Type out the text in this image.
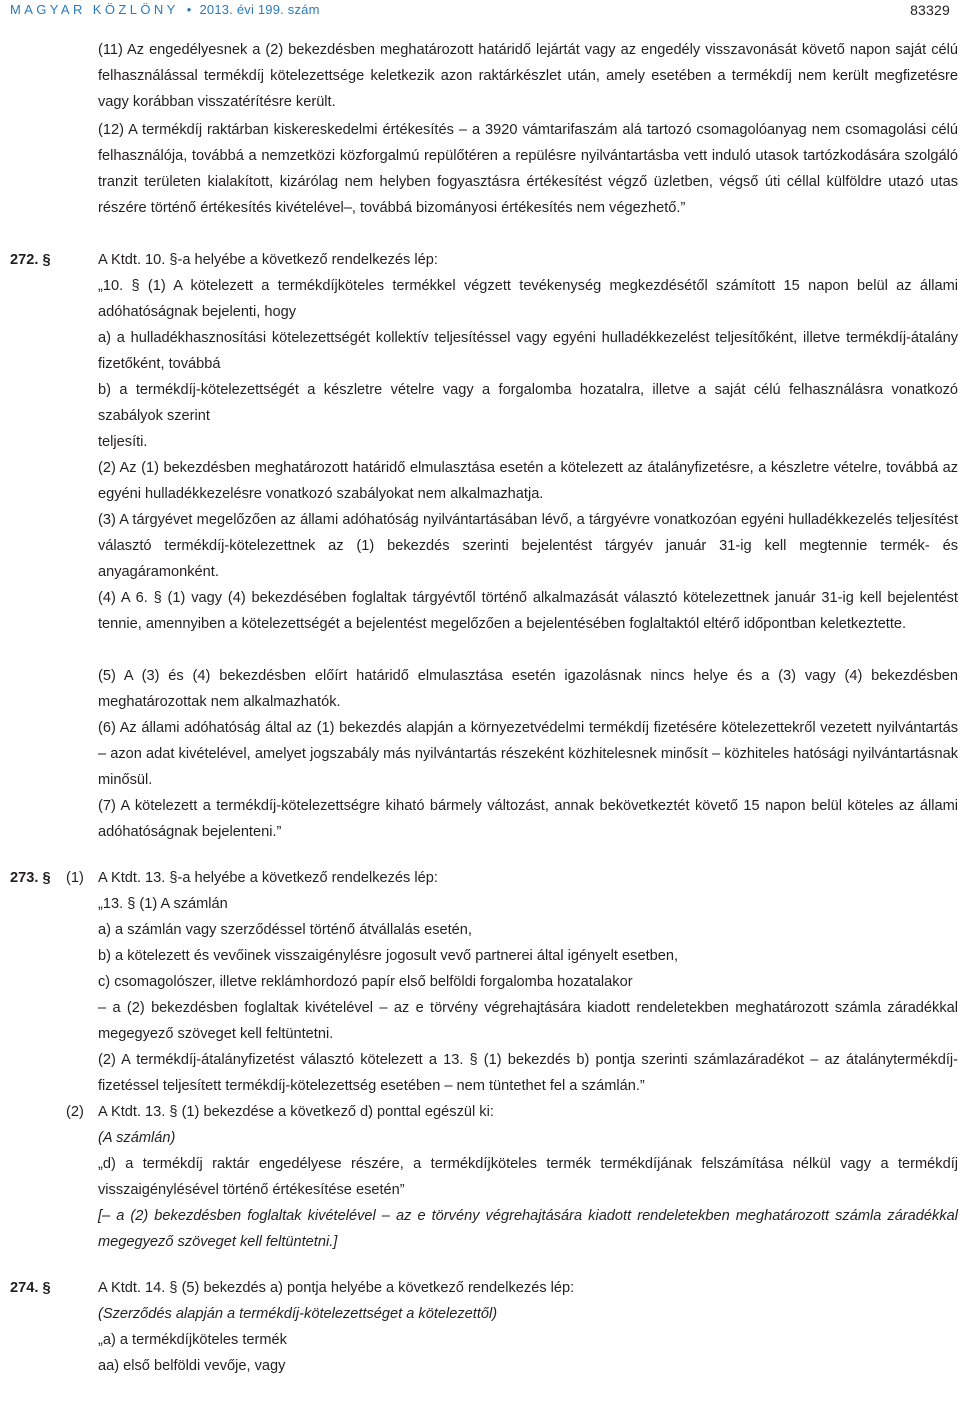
MAGYAR KÖZLÖNY • 2013. évi 199. szám	83329
(11) Az engedélyesnek a (2) bekezdésben meghatározott határidő lejártát vagy az engedély visszavonását követő napon saját célú felhasználással termékdíj kötelezettsége keletkezik azon raktárkészlet után, amely esetében a termékdíj nem került megfizetésre vagy korábban visszatérítésre került.
(12) A termékdíj raktárban kiskereskedelmi értékesítés – a 3920 vámtarifaszám alá tartozó csomagolóanyag nem csomagolási célú felhasználója, továbbá a nemzetközi közforgalmú repülőtéren a repülésre nyilvántartásba vett induló utasok tartózkodására szolgáló tranzit területen kialakított, kizárólag nem helyben fogyasztásra értékesítést végző üzletben, végső úti céllal külföldre utazó utas részére történő értékesítés kivételével–, továbbá bizományosi értékesítés nem végezhető.”
272. §	A Ktdt. 10. §-a helyébe a következő rendelkezés lép:
„10. § (1) A kötelezett a termékdíjköteles termékkel végzett tevékenység megkezdésétől számított 15 napon belül az állami adóhatóságnak bejelenti, hogy
a) a hulladékhasznosítási kötelezettségét kollektív teljesítéssel vagy egyéni hulladékkezelést teljesítőként, illetve termékdíj-átalány fizetőként, továbbá
b) a termékdíj-kötelezettségét a készletre vételre vagy a forgalomba hozatalra, illetve a saját célú felhasználásra vonatkozó szabályok szerint
teljesíti.
(2) Az (1) bekezdésben meghatározott határidő elmulasztása esetén a kötelezett az átalányfizetésre, a készletre vételre, továbbá az egyéni hulladékkezelésre vonatkozó szabályokat nem alkalmazhatja.
(3) A tárgyévet megelőzően az állami adóhatóság nyilvántartásában lévő, a tárgyévre vonatkozóan egyéni hulladékkezelés teljesítést választó termékdíj-kötelezettnek az (1) bekezdés szerinti bejelentést tárgyév január 31-ig kell megtennie termék- és anyagáramonként.
(4) A 6. § (1) vagy (4) bekezdésében foglaltak tárgyévtől történő alkalmazását választó kötelezettnek január 31-ig kell bejelentést tennie, amennyiben a kötelezettségét a bejelentést megelőzően a bejelentésében foglaltaktól eltérő időpontban keletkeztette.
(5) A (3) és (4) bekezdésben előírt határidő elmulasztása esetén igazolásnak nincs helye és a (3) vagy (4) bekezdésben meghatározottak nem alkalmazhatók.
(6) Az állami adóhatóság által az (1) bekezdés alapján a környezetvédelmi termékdíj fizetésére kötelezettekről vezetett nyilvántartás – azon adat kivételével, amelyet jogszabály más nyilvántartás részeként közhitelesnek minősít – közhiteles hatósági nyilvántartásnak minősül.
(7) A kötelezett a termékdíj-kötelezettségre kiható bármely változást, annak bekövetkeztét követő 15 napon belül köteles az állami adóhatóságnak bejelenteni.”
273. § (1) A Ktdt. 13. §-a helyébe a következő rendelkezés lép:
„13. § (1) A számlán
a) a számlán vagy szerződéssel történő átvállalás esetén,
b) a kötelezett és vevőinek visszaigénylésre jogosult vevő partnerei által igényelt esetben,
c) csomagolószer, illetve reklámhordozó papír első belföldi forgalomba hozatalakor
– a (2) bekezdésben foglaltak kivételével – az e törvény végrehajtására kiadott rendeletekben meghatározott számla záradékkal megegyező szöveget kell feltüntetni.
(2) A termékdíj-átalányfizetést választó kötelezett a 13. § (1) bekezdés b) pontja szerinti számlazáradékot – az átalánytermékdíj-fizetéssel teljesített termékdíj-kötelezettség esetében – nem tüntethet fel a számlán.”
(2) A Ktdt. 13. § (1) bekezdése a következő d) ponttal egészül ki:
(A számlán)
„d) a termékdíj raktár engedélyese részére, a termékdíjköteles termék termékdíjának felszámítása nélkül vagy a termékdíj visszaigénylésével történő értékesítése esetén”
[– a (2) bekezdésben foglaltak kivételével – az e törvény végrehajtására kiadott rendeletekben meghatározott számla záradékkal megegyező szöveget kell feltüntetni.]
274. §	A Ktdt. 14. § (5) bekezdés a) pontja helyébe a következő rendelkezés lép:
(Szerződés alapján a termékdíj-kötelezettséget a kötelezettől)
„a) a termékdíjköteles termék
aa) első belföldi vevője, vagy
